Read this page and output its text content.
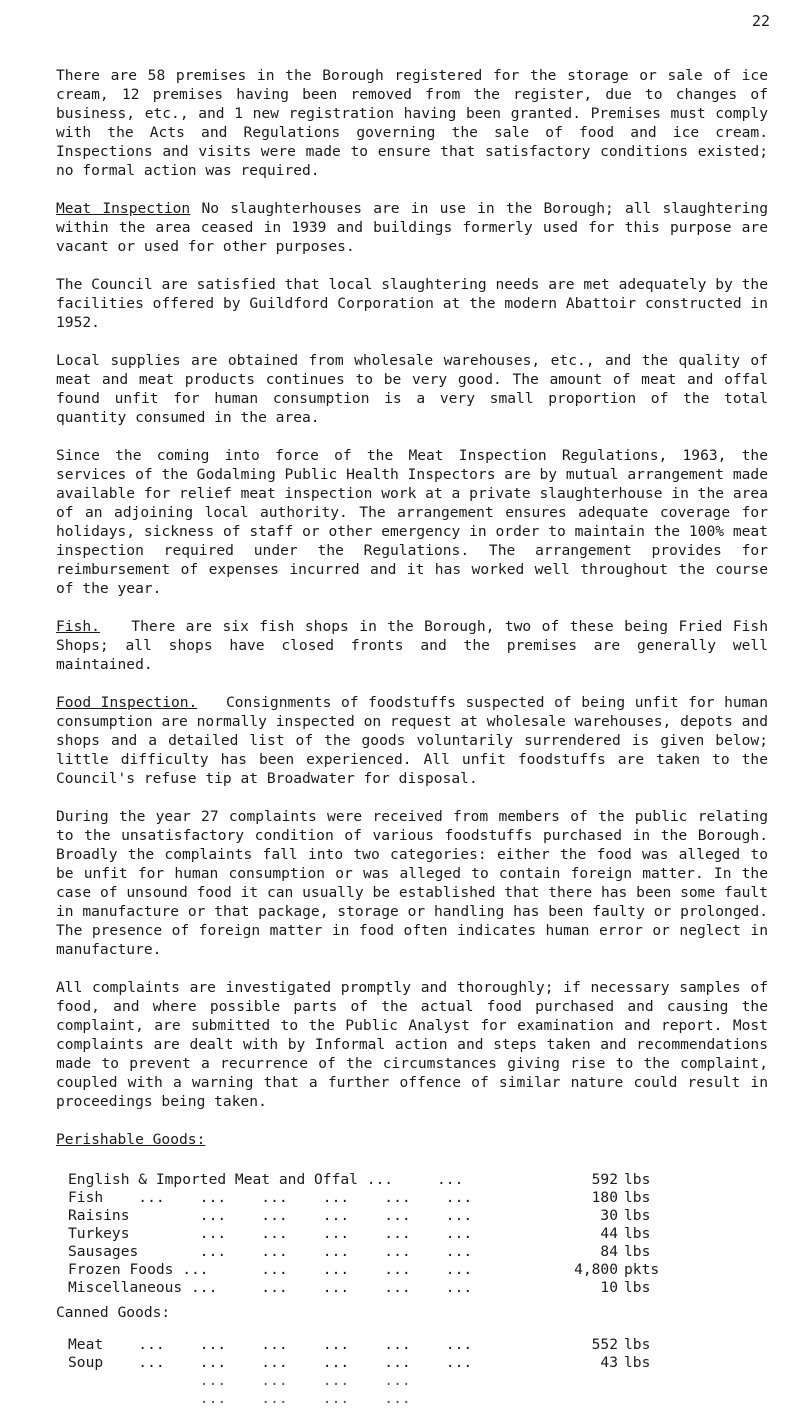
22

There are 58 premises in the Borough registered for the storage or sale of ice cream, 12 premises having been removed from the register, due to changes of business, etc., and 1 new registration having been granted. Premises must comply with the Acts and Regulations governing the sale of food and ice cream. Inspections and visits were made to ensure that satisfactory conditions existed; no formal action was required.

Meat Inspection No slaughterhouses are in use in the Borough; all slaughtering within the area ceased in 1939 and buildings formerly used for this purpose are vacant or used for other purposes.

The Council are satisfied that local slaughtering needs are met adequately by the facilities offered by Guildford Corporation at the modern Abattoir constructed in 1952.

Local supplies are obtained from wholesale warehouses, etc., and the quality of meat and meat products continues to be very good. The amount of meat and offal found unfit for human consumption is a very small proportion of the total quantity consumed in the area.

Since the coming into force of the Meat Inspection Regulations, 1963, the services of the Godalming Public Health Inspectors are by mutual arrangement made available for relief meat inspection work at a private slaughterhouse in the area of an adjoining local authority. The arrangement ensures adequate coverage for holidays, sickness of staff or other emergency in order to maintain the 100% meat inspection required under the Regulations. The arrangement provides for reimbursement of expenses incurred and it has worked well throughout the course of the year.

Fish. There are six fish shops in the Borough, two of these being Fried Fish Shops; all shops have closed fronts and the premises are generally well maintained.

Food Inspection. Consignments of foodstuffs suspected of being unfit for human consumption are normally inspected on request at wholesale warehouses, depots and shops and a detailed list of the goods voluntarily surrendered is given below; little difficulty has been experienced. All unfit foodstuffs are taken to the Council's refuse tip at Broadwater for disposal.

During the year 27 complaints were received from members of the public relating to the unsatisfactory condition of various foodstuffs purchased in the Borough. Broadly the complaints fall into two categories: either the food was alleged to be unfit for human consumption or was alleged to contain foreign matter. In the case of unsound food it can usually be established that there has been some fault in manufacture or that package, storage or handling has been faulty or prolonged. The presence of foreign matter in food often indicates human error or neglect in manufacture.

All complaints are investigated promptly and thoroughly; if necessary samples of food, and where possible parts of the actual food purchased and causing the complaint, are submitted to the Public Analyst for examination and report. Most complaints are dealt with by Informal action and steps taken and recommendations made to prevent a recurrence of the circumstances giving rise to the complaint, coupled with a warning that a further offence of similar nature could result in proceedings being taken.

Perishable Goods:
English & Imported Meat and Offal ...     ...	592 lbs
Fish    ...    ...    ...    ...    ...    ...	180 lbs
Raisins        ...    ...    ...    ...    ...	30 lbs
Turkeys        ...    ...    ...    ...    ...	44 lbs
Sausages       ...    ...    ...    ...    ...	84 lbs
Frozen Foods ...      ...    ...    ...    ...	4,800 pkts
Miscellaneous ...     ...    ...    ...    ...	10 lbs
Canned Goods:
Meat    ...    ...    ...    ...    ...    ...	552 lbs
Soup    ...    ...    ...    ...    ...    ...	43 lbs
...    ...    ...    ...
...    ...    ...    ...
